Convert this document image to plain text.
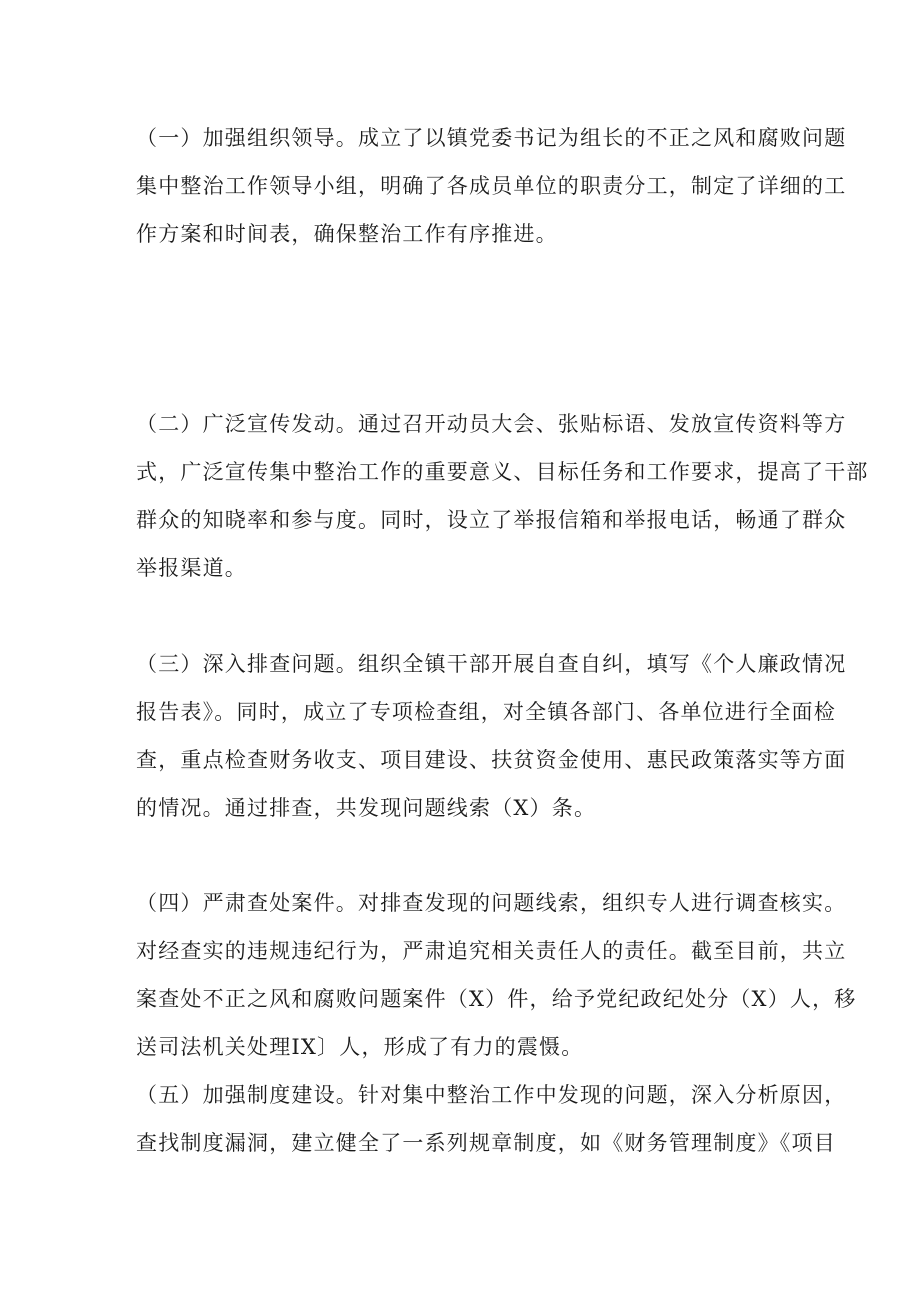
（一）加强组织领导。成立了以镇党委书记为组长的不正之风和腐败问题
集中整治工作领导小组，明确了各成员单位的职责分工，制定了详细的工
作方案和时间表，确保整治工作有序推进。
（二）广泛宣传发动。通过召开动员大会、张贴标语、发放宣传资料等方
式，广泛宣传集中整治工作的重要意义、目标任务和工作要求，提高了干部
群众的知晓率和参与度。同时，设立了举报信箱和举报电话，畅通了群众
举报渠道。
（三）深入排查问题。组织全镇干部开展自查自纠，填写《个人廉政情况
报告表》。同时，成立了专项检查组，对全镇各部门、各单位进行全面检
查，重点检查财务收支、项目建设、扶贫资金使用、惠民政策落实等方面
的情况。通过排查，共发现问题线索（X）条。
（四）严肃查处案件。对排查发现的问题线索，组织专人进行调查核实。
对经查实的违规违纪行为，严肃追究相关责任人的责任。截至目前，共立
案查处不正之风和腐败问题案件（X）件，给予党纪政纪处分（X）人，移
送司法机关处理IX〕人，形成了有力的震慑。
（五）加强制度建设。针对集中整治工作中发现的问题，深入分析原因，
查找制度漏洞，建立健全了一系列规章制度，如《财务管理制度》《项目
